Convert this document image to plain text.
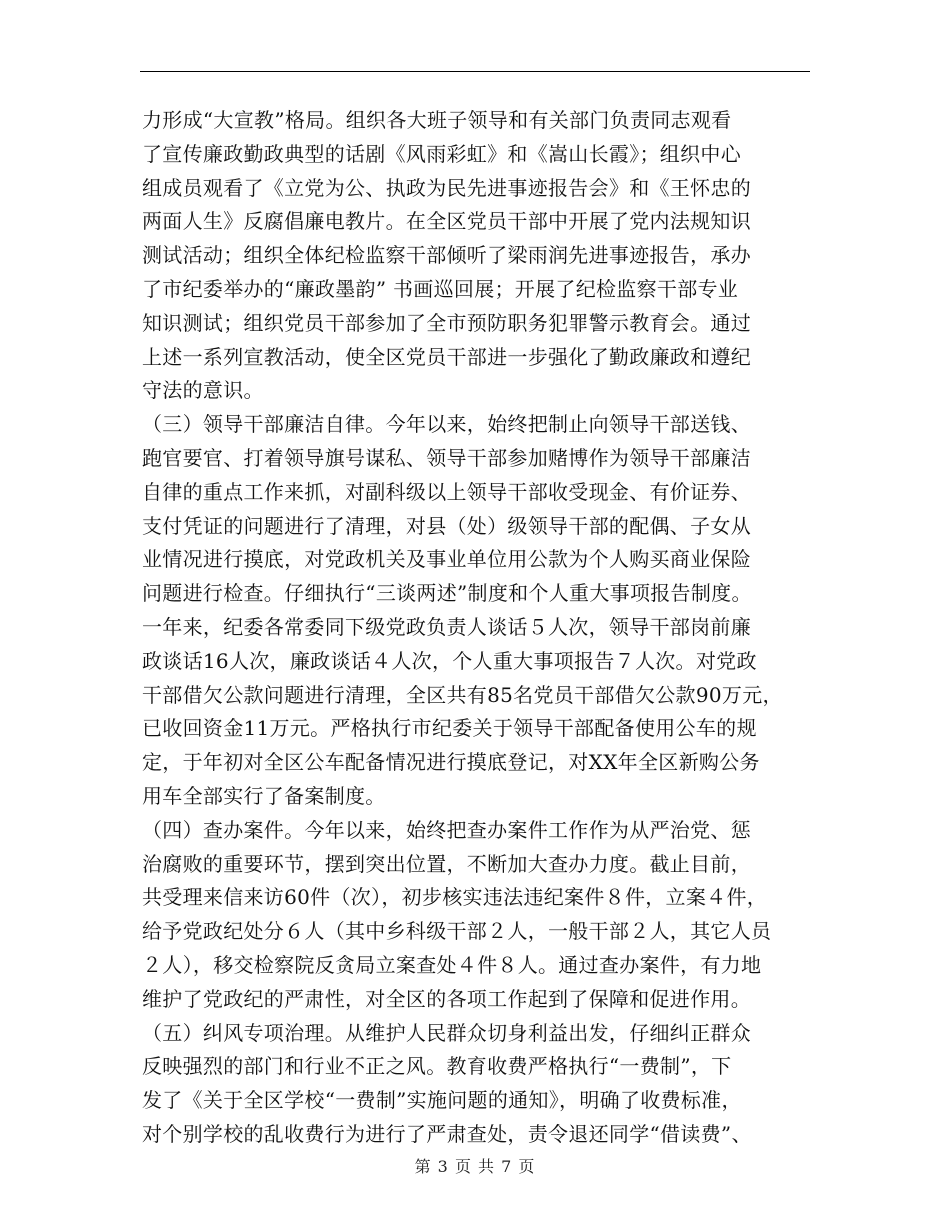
力形成“大宣教”格局。组织各大班子领导和有关部门负责同志观看
了宣传廉政勤政典型的话剧《风雨彩虹》和《嵩山长霞》；组织中心
组成员观看了《立党为公、执政为民先进事迹报告会》和《王怀忠的
两面人生》反腐倡廉电教片。在全区党员干部中开展了党内法规知识
测试活动；组织全体纪检监察干部倾听了梁雨润先进事迹报告，承办
了市纪委举办的“廉政墨韵” 书画巡回展；开展了纪检监察干部专业
知识测试；组织党员干部参加了全市预防职务犯罪警示教育会。通过
上述一系列宣教活动，使全区党员干部进一步强化了勤政廉政和遵纪
守法的意识。
（三）领导干部廉洁自律。今年以来，始终把制止向领导干部送钱、
跑官要官、打着领导旗号谋私、领导干部参加赌博作为领导干部廉洁
自律的重点工作来抓，对副科级以上领导干部收受现金、有价证券、
支付凭证的问题进行了清理，对县（处）级领导干部的配偶、子女从
业情况进行摸底，对党政机关及事业单位用公款为个人购买商业保险
问题进行检查。仔细执行“三谈两述”制度和个人重大事项报告制度。
一年来，纪委各常委同下级党政负责人谈话５人次，领导干部岗前廉
政谈话16人次，廉政谈话４人次，个人重大事项报告７人次。对党政
干部借欠公款问题进行清理，全区共有85名党员干部借欠公款90万元，
已收回资金11万元。严格执行市纪委关于领导干部配备使用公车的规
定，于年初对全区公车配备情况进行摸底登记，对XX年全区新购公务
用车全部实行了备案制度。
（四）查办案件。今年以来，始终把查办案件工作作为从严治党、惩
治腐败的重要环节，摆到突出位置，不断加大查办力度。截止目前，
共受理来信来访60件（次），初步核实违法违纪案件８件，立案４件，
给予党政纪处分６人（其中乡科级干部２人，一般干部２人，其它人员
２人），移交检察院反贪局立案查处４件８人。通过查办案件，有力地
维护了党政纪的严肃性，对全区的各项工作起到了保障和促进作用。
（五）纠风专项治理。从维护人民群众切身利益出发，仔细纠正群众
反映强烈的部门和行业不正之风。教育收费严格执行“一费制”，下
发了《关于全区学校“一费制”实施问题的通知》，明确了收费标准，
对个别学校的乱收费行为进行了严肃查处，责令退还同学“借读费”、
第 3 页 共 7 页
